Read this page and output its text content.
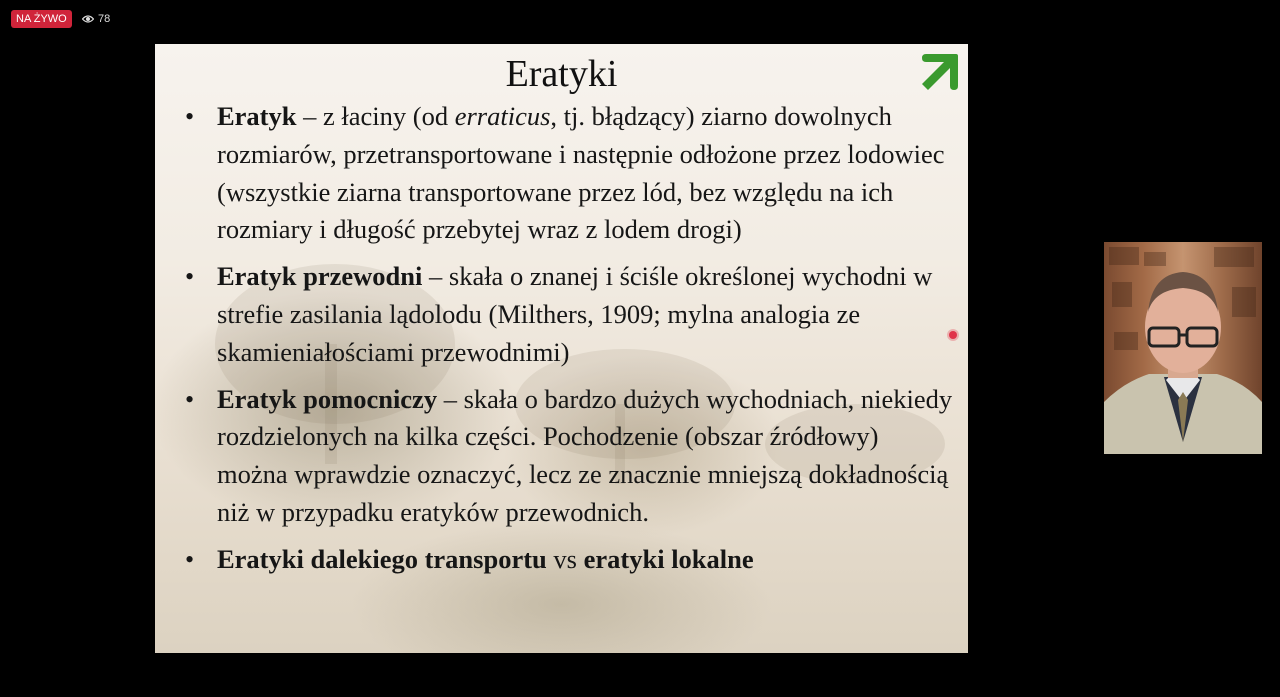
NA ŻYWO	78
Eratyki
• Eratyk – z łaciny (od erraticus, tj. błądzący) ziarno dowolnych rozmiarów, przetransportowane i następnie odłożone przez lodowiec (wszystkie ziarna transportowane przez lód, bez względu na ich rozmiary i długość przebytej wraz z lodem drogi)
• Eratyk przewodni – skała o znanej i ściśle określonej wychodni w strefie zasilania lądolodu (Milthers, 1909; mylna analogia ze skamieniałościami przewodnimi)
• Eratyk pomocniczy – skała o bardzo dużych wychodniach, niekiedy rozdzielonych na kilka części. Pochodzenie (obszar źródłowy) można wprawdzie oznaczyć, lecz ze znacznie mniejszą dokładnością niż w przypadku eratyków przewodnich.
• Eratyki dalekiego transportu vs eratyki lokalne
